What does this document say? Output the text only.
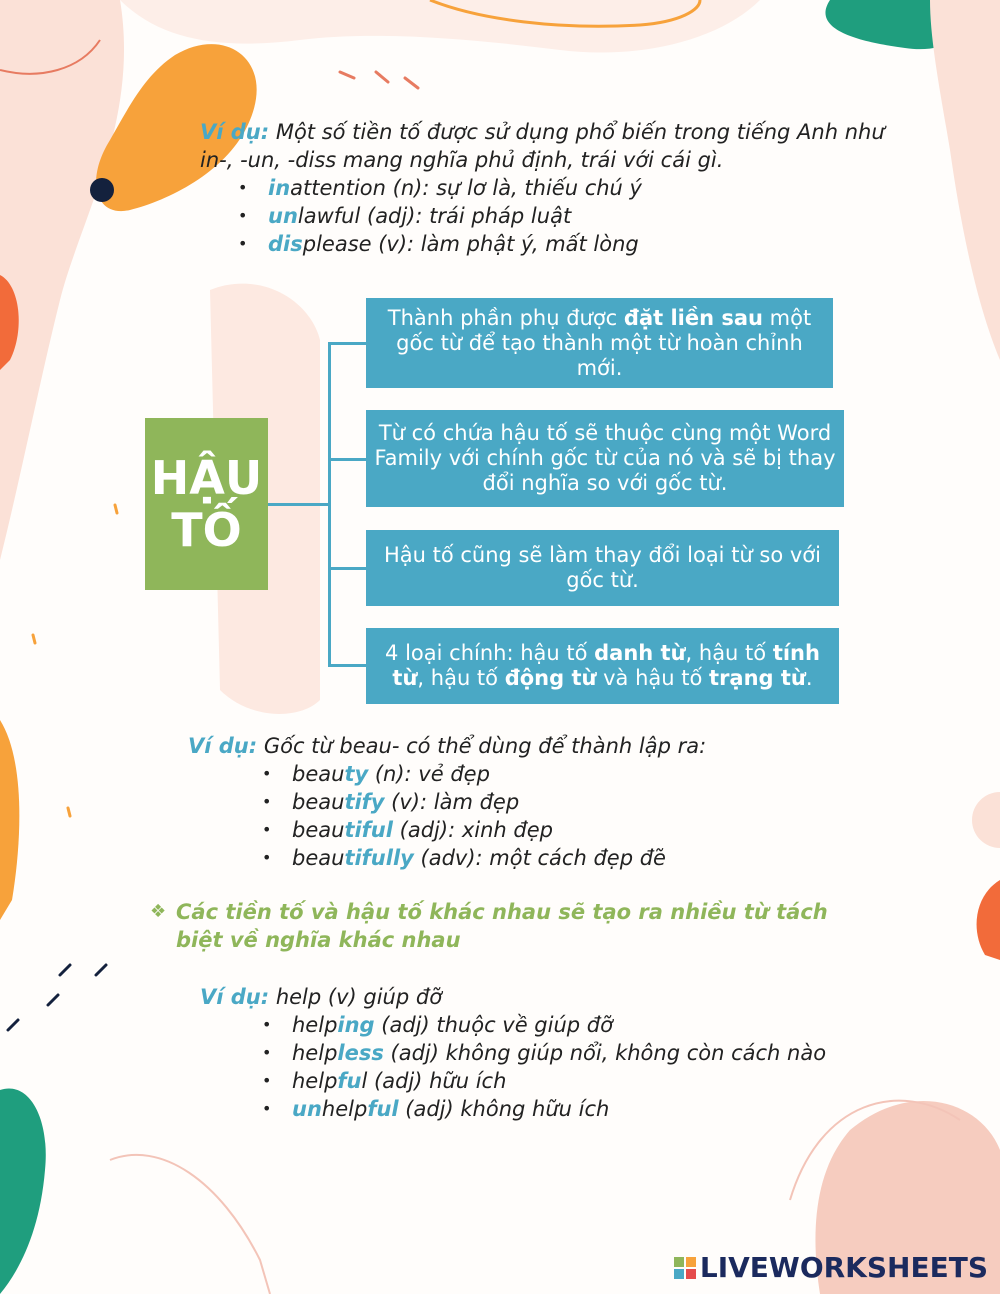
Ví dụ: Một số tiền tố được sử dụng phổ biến trong tiếng Anh như in-, -un, -diss mang nghĩa phủ định, trái với cái gì.
• inattention (n): sự lơ là, thiếu chú ý
• unlawful (adj): trái pháp luật
• displease (v): làm phật ý, mất lòng
HẬU
TỐ
Thành phần phụ được đặt liền sau một gốc từ để tạo thành một từ hoàn chỉnh mới.
Từ có chứa hậu tố sẽ thuộc cùng một Word Family với chính gốc từ của nó và sẽ bị thay đổi nghĩa so với gốc từ.
Hậu tố cũng sẽ làm thay đổi loại từ so với gốc từ.
4 loại chính: hậu tố danh từ, hậu tố tính từ, hậu tố động từ và hậu tố trạng từ.
Ví dụ: Gốc từ beau- có thể dùng để thành lập ra:
• beauty (n): vẻ đẹp
• beautify (v): làm đẹp
• beautiful (adj): xinh đẹp
• beautifully (adv): một cách đẹp đẽ
❖ Các tiền tố và hậu tố khác nhau sẽ tạo ra nhiều từ tách biệt về nghĩa khác nhau
Ví dụ: help (v) giúp đỡ
• helping (adj) thuộc về giúp đỡ
• helpless (adj) không giúp nổi, không còn cách nào
• helpful (adj) hữu ích
• unhelpful (adj) không hữu ích
LIVEWORKSHEETS
